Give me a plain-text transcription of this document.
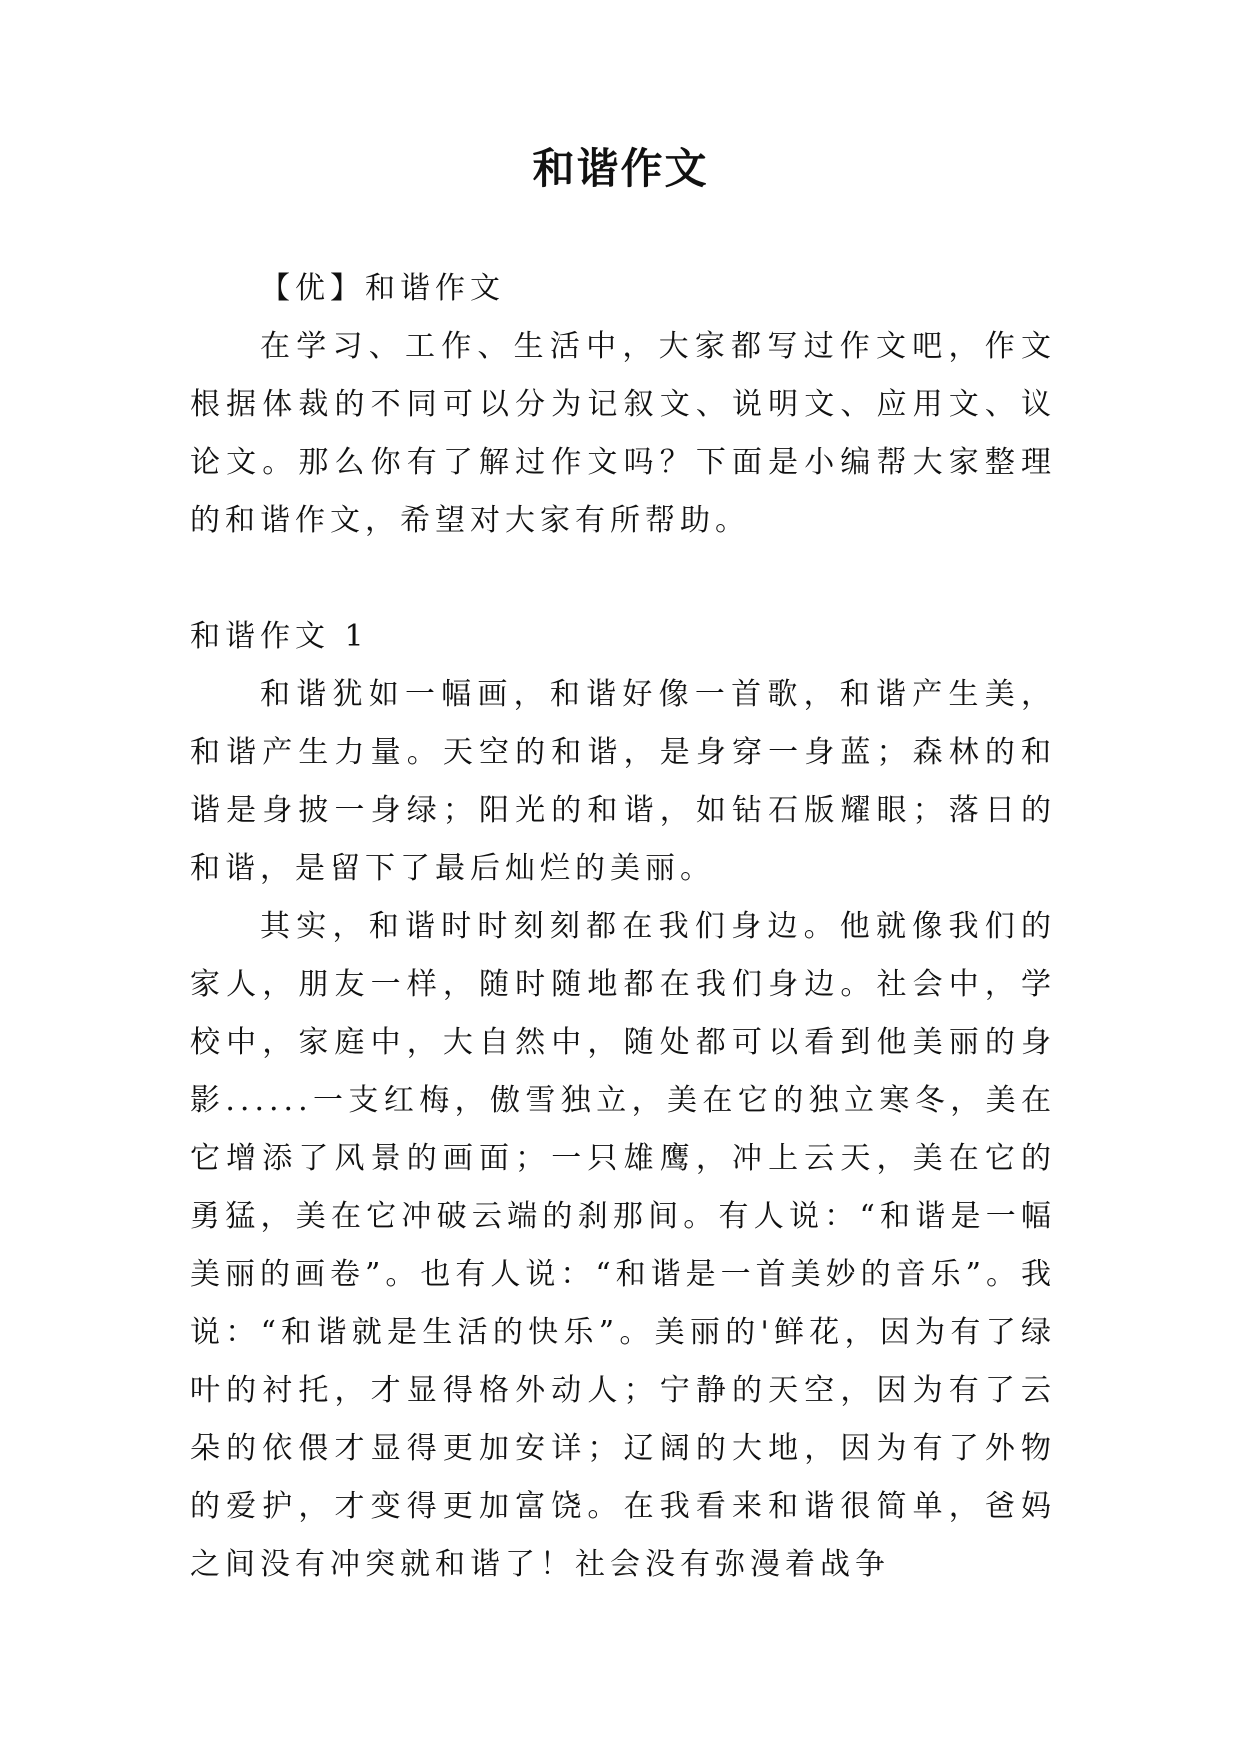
和谐作文

【优】和谐作文

在学习、工作、生活中，大家都写过作文吧，作文根据体裁的不同可以分为记叙文、说明文、应用文、议论文。那么你有了解过作文吗？下面是小编帮大家整理的和谐作文，希望对大家有所帮助。

和谐作文 1

和谐犹如一幅画，和谐好像一首歌，和谐产生美，和谐产生力量。天空的和谐，是身穿一身蓝；森林的和谐是身披一身绿；阳光的和谐，如钻石版耀眼；落日的和谐，是留下了最后灿烂的美丽。

其实，和谐时时刻刻都在我们身边。他就像我们的家人，朋友一样，随时随地都在我们身边。社会中，学校中，家庭中，大自然中，随处都可以看到他美丽的身影......一支红梅，傲雪独立，美在它的独立寒冬，美在它增添了风景的画面；一只雄鹰，冲上云天，美在它的勇猛，美在它冲破云端的刹那间。有人说：“和谐是一幅美丽的画卷”。也有人说：“和谐是一首美妙的音乐”。我说：“和谐就是生活的快乐”。美丽的'鲜花，因为有了绿叶的衬托，才显得格外动人；宁静的天空，因为有了云朵的依偎才显得更加安详；辽阔的大地，因为有了外物的爱护，才变得更加富饶。在我看来和谐很简单，爸妈之间没有冲突就和谐了！社会没有弥漫着战争
